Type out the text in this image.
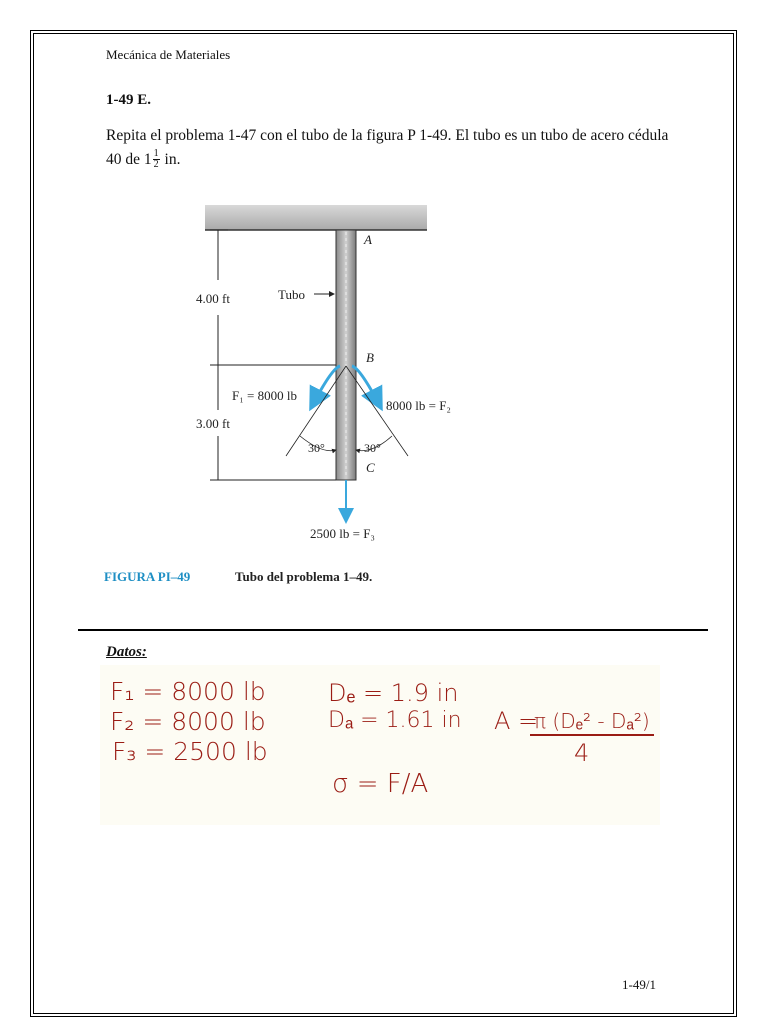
Mecánica de Materiales
1-49 E.
Repita el problema 1-47 con el tubo de la figura P 1-49. El tubo es un tubo de acero cédula 40 de $1 \frac{1}{2}$ in.
4.00 ft
3.00 ft
A
B
C
Tubo
F₁ = 8000 lb
8000 lb = F₂
30°	30°
2500 lb = F₃
FIGURA PI–49	Tubo del problema 1–49.
Datos:
F₁ = 8000 lb
F₂ = 8000 lb
F₃ = 2500 lb
Dₑ = 1.9 in
Dₐ = 1.61 in
σ = F/A
A =
π (Dₑ² - Dₐ²)
4
1-49/1
